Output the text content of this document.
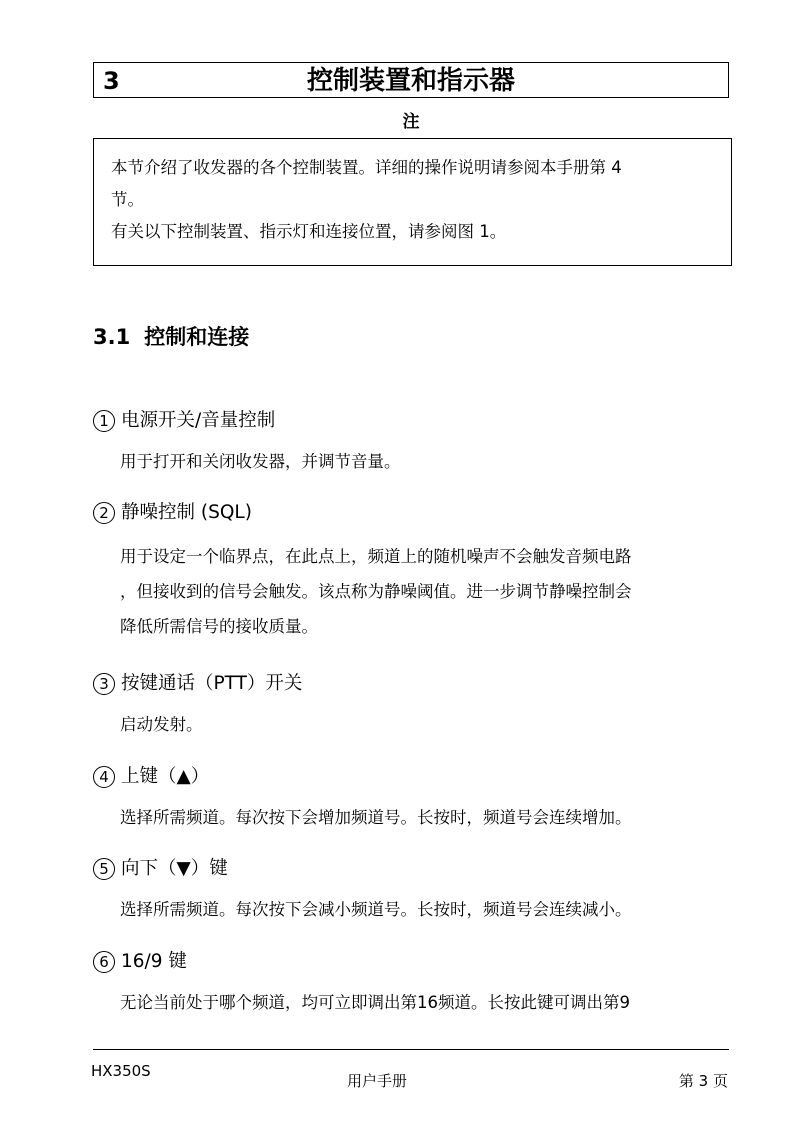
3	控制装置和指示器
注

本节介绍了收发器的各个控制装置。详细的操作说明请参阅本手册第 4

节。

有关以下控制装置、指示灯和连接位置，请参阅图 1。

3.1 控制和连接
1 电源开关/音量控制
用于打开和关闭收发器，并调节音量。
2 静噪控制 (SQL)
用于设定一个临界点，在此点上，频道上的随机噪声不会触发音频电路
，但接收到的信号会触发。该点称为静噪阈值。进一步调节静噪控制会
降低所需信号的接收质量。
3 按键通话（PTT）开关
启动发射。
4 上键（▲）
选择所需频道。每次按下会增加频道号。长按时，频道号会连续增加。
5 向下（▼）键
选择所需频道。每次按下会减小频道号。长按时，频道号会连续减小。
6 16/9 键
无论当前处于哪个频道，均可立即调出第16频道。长按此键可调出第9
HX350S
用户手册	第 3 页
